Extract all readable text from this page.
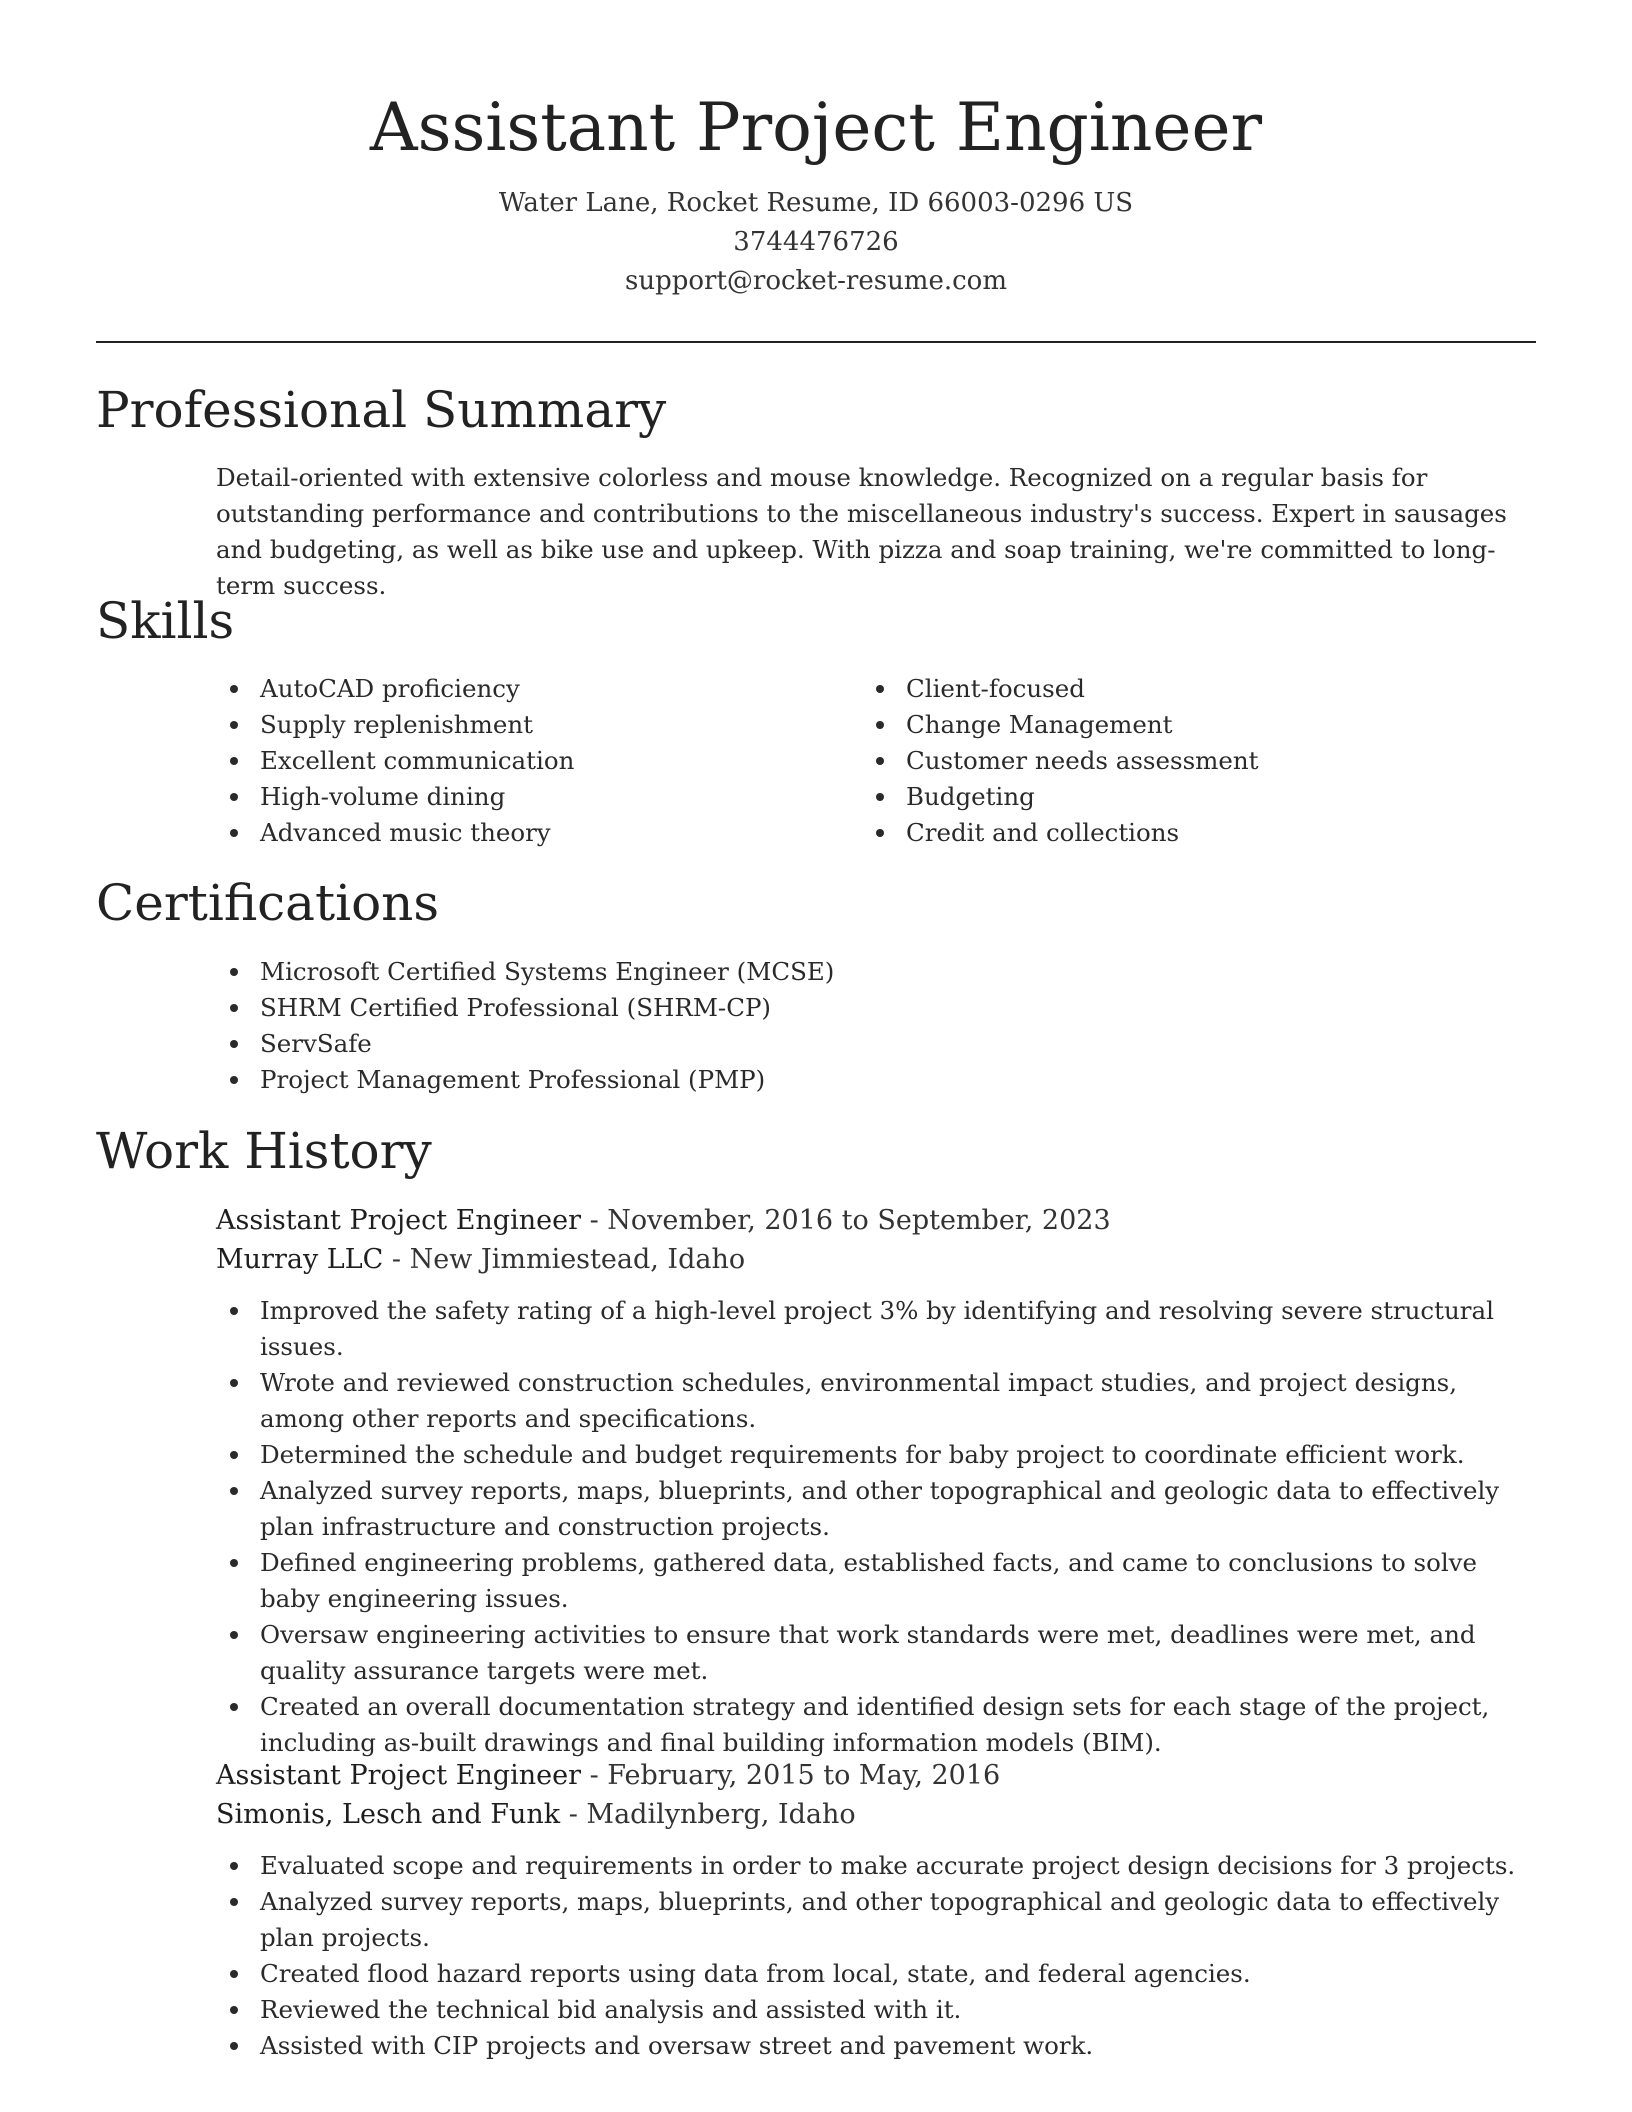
Assistant Project Engineer
Water Lane, Rocket Resume, ID 66003-0296 US
3744476726
support@rocket-resume.com
Professional Summary

Detail-oriented with extensive colorless and mouse knowledge. Recognized on a regular basis for outstanding performance and contributions to the miscellaneous industry's success. Expert in sausages and budgeting, as well as bike use and upkeep. With pizza and soap training, we're committed to long-term success.

Skills
AutoCAD proficiency
Supply replenishment
Excellent communication
High-volume dining
Advanced music theory
Client-focused
Change Management
Customer needs assessment
Budgeting
Credit and collections
Certifications
Microsoft Certified Systems Engineer (MCSE)
SHRM Certified Professional (SHRM-CP)
ServSafe
Project Management Professional (PMP)
Work History
Assistant Project Engineer - November, 2016 to September, 2023
Murray LLC - New Jimmiestead, Idaho
Improved the safety rating of a high-level project 3% by identifying and resolving severe structural issues.
Wrote and reviewed construction schedules, environmental impact studies, and project designs, among other reports and specifications.
Determined the schedule and budget requirements for baby project to coordinate efficient work.
Analyzed survey reports, maps, blueprints, and other topographical and geologic data to effectively plan infrastructure and construction projects.
Defined engineering problems, gathered data, established facts, and came to conclusions to solve baby engineering issues.
Oversaw engineering activities to ensure that work standards were met, deadlines were met, and quality assurance targets were met.
Created an overall documentation strategy and identified design sets for each stage of the project, including as-built drawings and final building information models (BIM).
Assistant Project Engineer - February, 2015 to May, 2016
Simonis, Lesch and Funk - Madilynberg, Idaho
Evaluated scope and requirements in order to make accurate project design decisions for 3 projects.
Analyzed survey reports, maps, blueprints, and other topographical and geologic data to effectively plan projects.
Created flood hazard reports using data from local, state, and federal agencies.
Reviewed the technical bid analysis and assisted with it.
Assisted with CIP projects and oversaw street and pavement work.
